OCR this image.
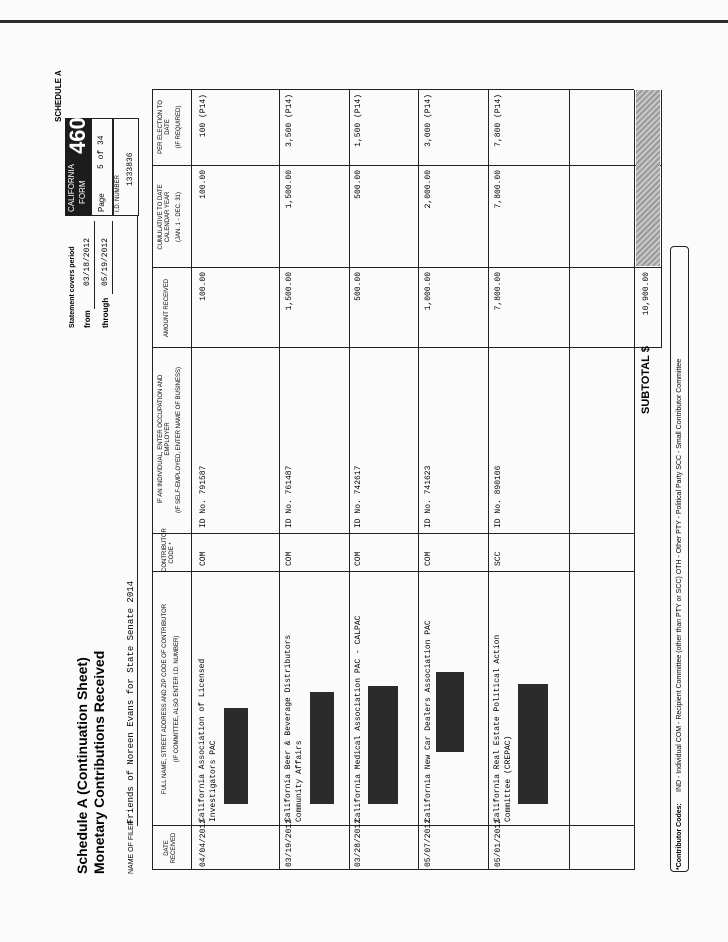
Schedule A (Continuation Sheet) Monetary Contributions Received
Statement covers period from
03/18/2012
through
05/19/2012
SCHEDULE A
CALIFORNIA FORM
460
Page
5 of 34
I.D. NUMBER
1333836
NAME OF FILER
Friends of Noreen Evans for State Senate 2014
DATE RECEIVED
FULL NAME, STREET ADDRESS AND ZIP CODE OF CONTRIBUTOR (IF COMMITTEE, ALSO ENTER I.D. NUMBER)
CONTRIBUTOR CODE *
IF AN INDIVIDUAL, ENTER OCCUPATION AND EMPLOYER (IF SELF-EMPLOYED, ENTER NAME OF BUSINESS)
AMOUNT RECEIVED
CUMULATIVE TO DATE CALENDAR YEAR (JAN. 1 - DEC. 31)
PER ELECTION TO DATE (IF REQUIRED)
04/04/2012
California Association of Licensed Investigators PAC
COM
ID No. 791587
100.00
100.00
100 (P14)
03/19/2012
California Beer & Beverage Distributors Community Affairs
COM
ID No. 761487
1,500.00
1,500.00
3,500 (P14)
03/28/2012
California Medical Association PAC - CALPAC
COM
ID No. 742617
500.00
500.00
1,500 (P14)
05/07/2012
California New Car Dealers Association PAC
COM
ID No. 741623
1,000.00
2,000.00
3,000 (P14)
05/01/2012
California Real Estate Political Action Committee (CREPAC)
SCC
ID No. 890106
7,800.00
7,800.00
7,800 (P14)
SUBTOTAL $
10,900.00
*Contributor Codes:
IND - Individual COM - Recipient Committee (other than PTY or SCC) OTH - Other PTY - Political Party SCC - Small Contributor Committee
